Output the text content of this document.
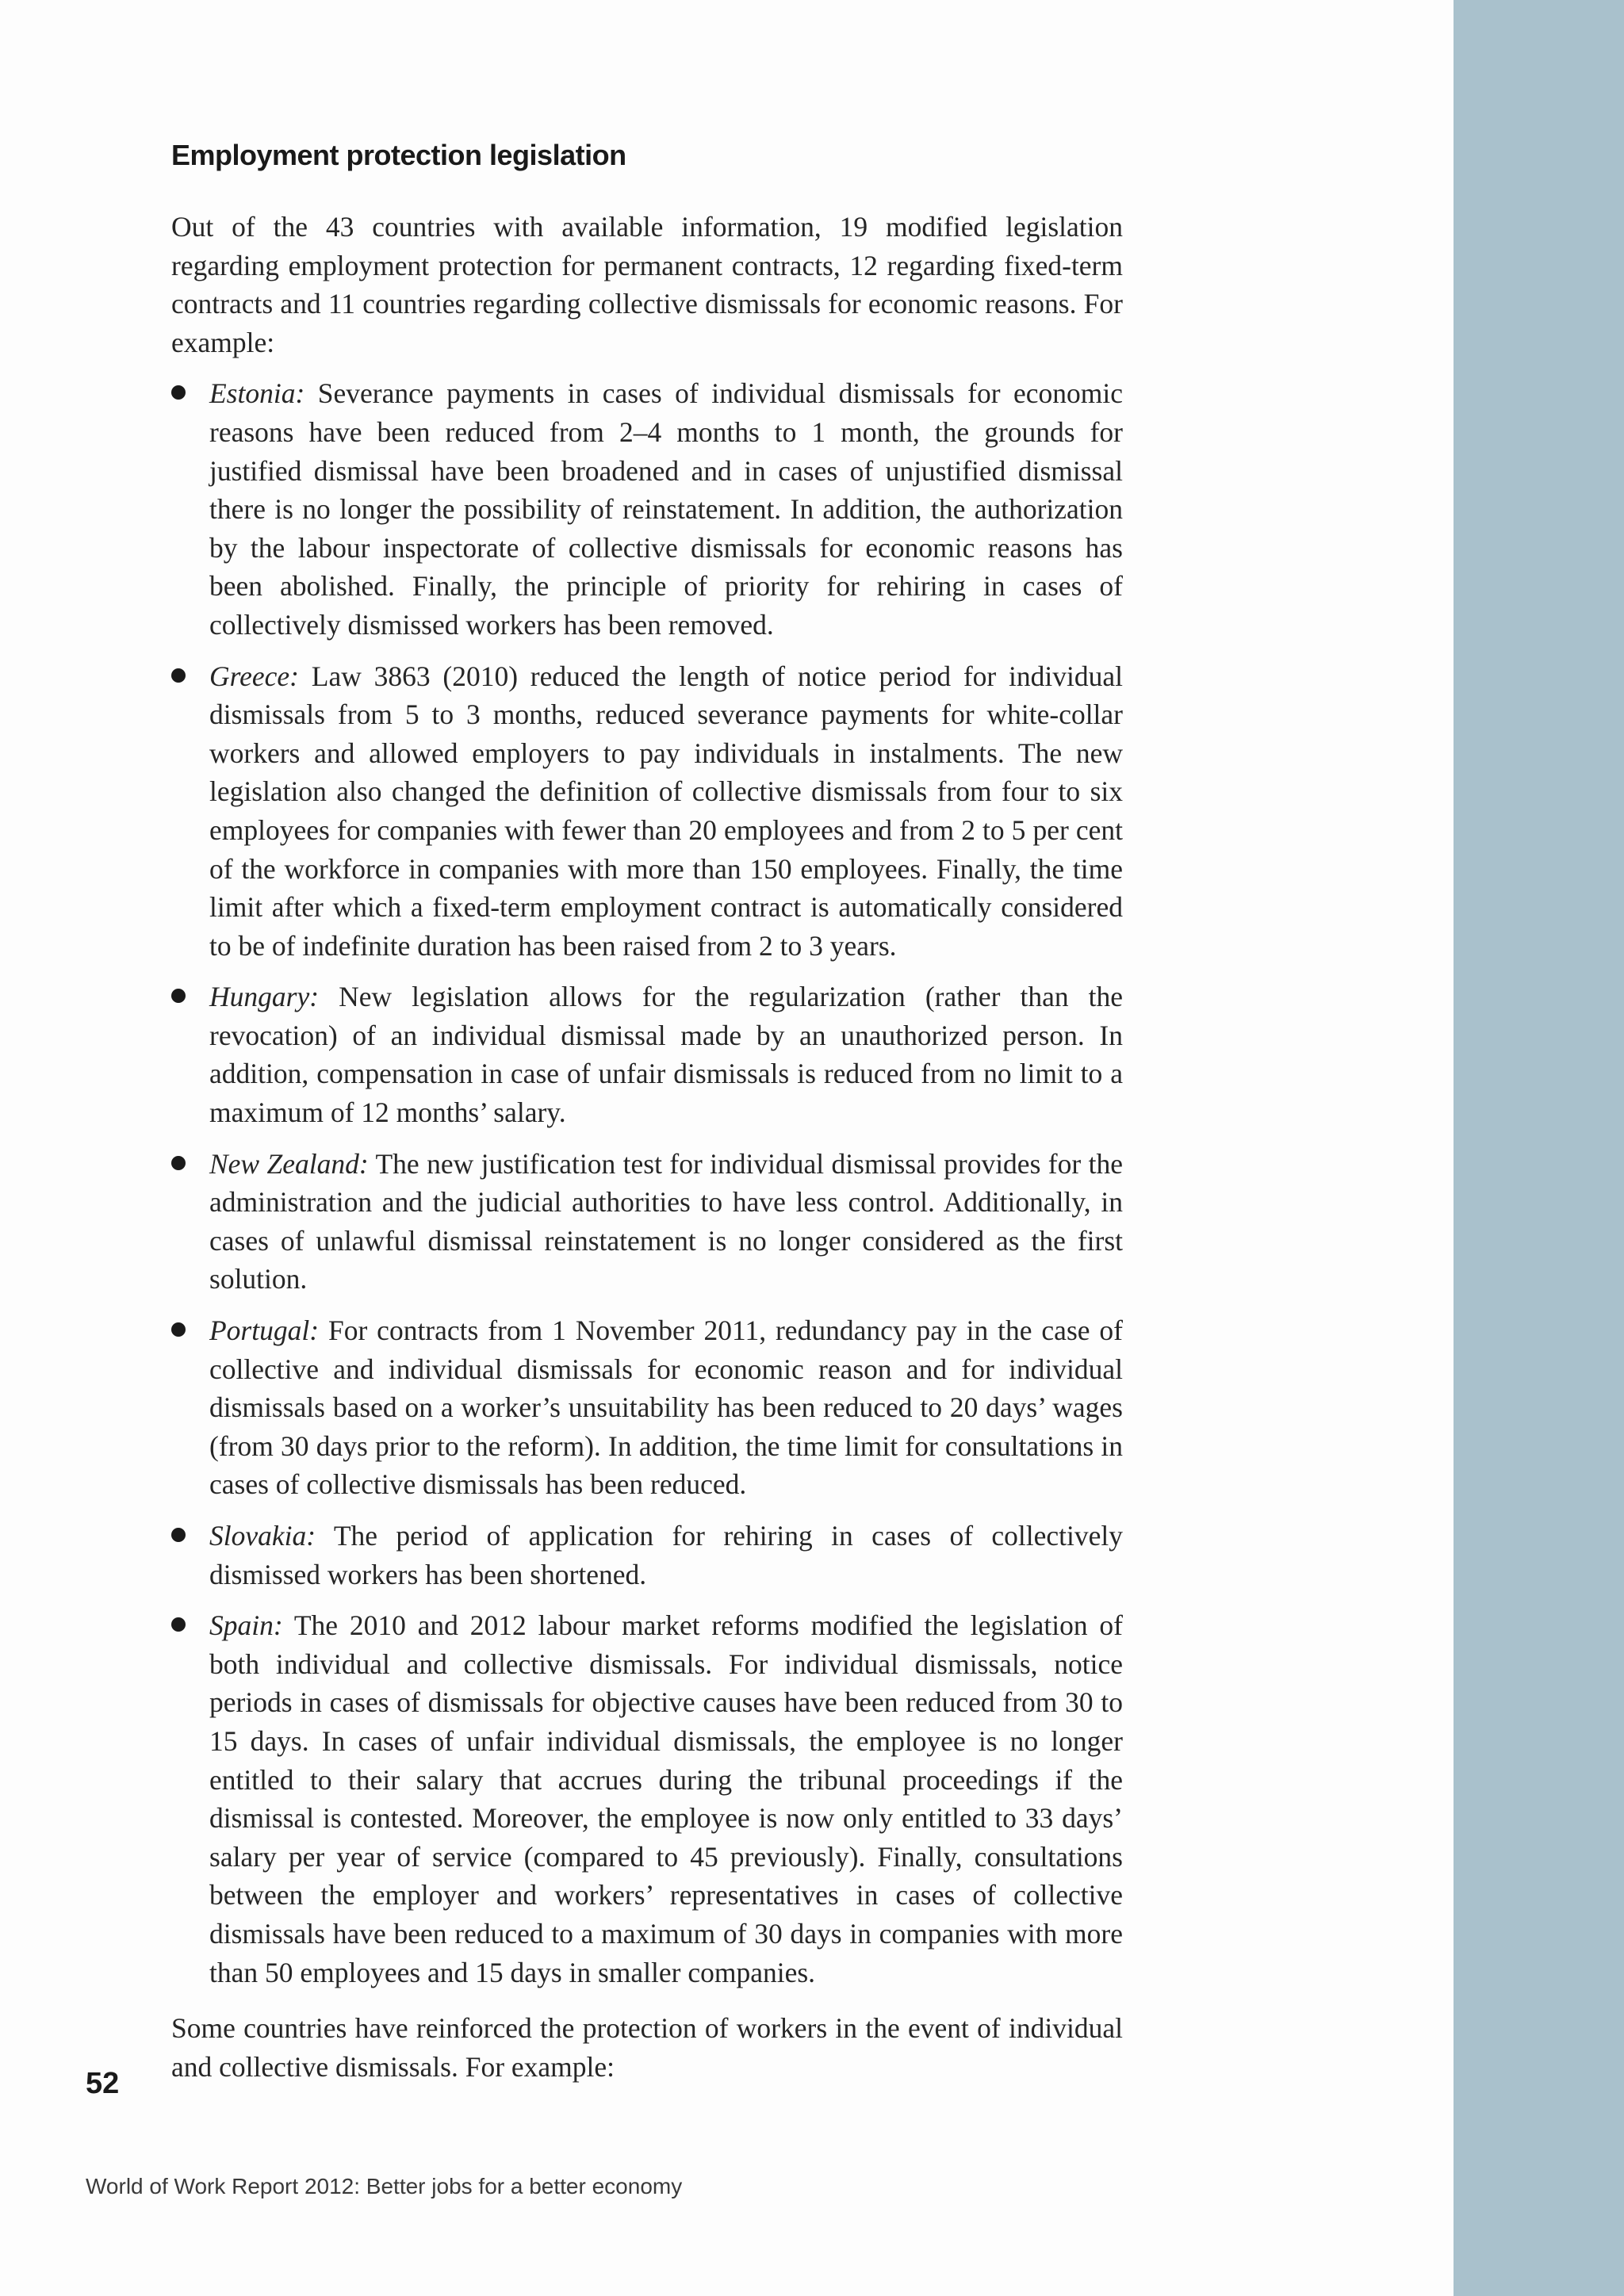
Employment protection legislation

Out of the 43 countries with available information, 19 modified legislation regarding employment protection for permanent contracts, 12 regarding fixed-term contracts and 11 countries regarding collective dismissals for economic reasons. For example:

Estonia: Severance payments in cases of individual dismissals for economic reasons have been reduced from 2–4 months to 1 month, the grounds for justified dismissal have been broadened and in cases of unjustified dismissal there is no longer the possibility of reinstatement. In addition, the authorization by the labour inspectorate of collective dismissals for economic reasons has been abolished. Finally, the principle of priority for rehiring in cases of collectively dismissed workers has been removed.
Greece: Law 3863 (2010) reduced the length of notice period for individual dismissals from 5 to 3 months, reduced severance payments for white-collar workers and allowed employers to pay individuals in instalments. The new legislation also changed the definition of collective dismissals from four to six employees for companies with fewer than 20 employees and from 2 to 5 per cent of the workforce in companies with more than 150 employees. Finally, the time limit after which a fixed-term employment contract is automatically considered to be of indefinite duration has been raised from 2 to 3 years.
Hungary: New legislation allows for the regularization (rather than the revocation) of an individual dismissal made by an unauthorized person. In addition, compensation in case of unfair dismissals is reduced from no limit to a maximum of 12 months’ salary.
New Zealand: The new justification test for individual dismissal provides for the administration and the judicial authorities to have less control. Additionally, in cases of unlawful dismissal reinstatement is no longer considered as the first solution.
Portugal: For contracts from 1 November 2011, redundancy pay in the case of collective and individual dismissals for economic reason and for individual dismissals based on a worker’s unsuitability has been reduced to 20 days’ wages (from 30 days prior to the reform). In addition, the time limit for consultations in cases of collective dismissals has been reduced.
Slovakia: The period of application for rehiring in cases of collectively dismissed workers has been shortened.
Spain: The 2010 and 2012 labour market reforms modified the legislation of both individual and collective dismissals. For individual dismissals, notice periods in cases of dismissals for objective causes have been reduced from 30 to 15 days. In cases of unfair individual dismissals, the employee is no longer entitled to their salary that accrues during the tribunal proceedings if the dismissal is contested. Moreover, the employee is now only entitled to 33 days’ salary per year of service (compared to 45 previously). Finally, consultations between the employer and workers’ representatives in cases of collective dismissals have been reduced to a maximum of 30 days in companies with more than 50 employees and 15 days in smaller companies.

Some countries have reinforced the protection of workers in the event of individual and collective dismissals. For example:

52
World of Work Report 2012: Better jobs for a better economy
